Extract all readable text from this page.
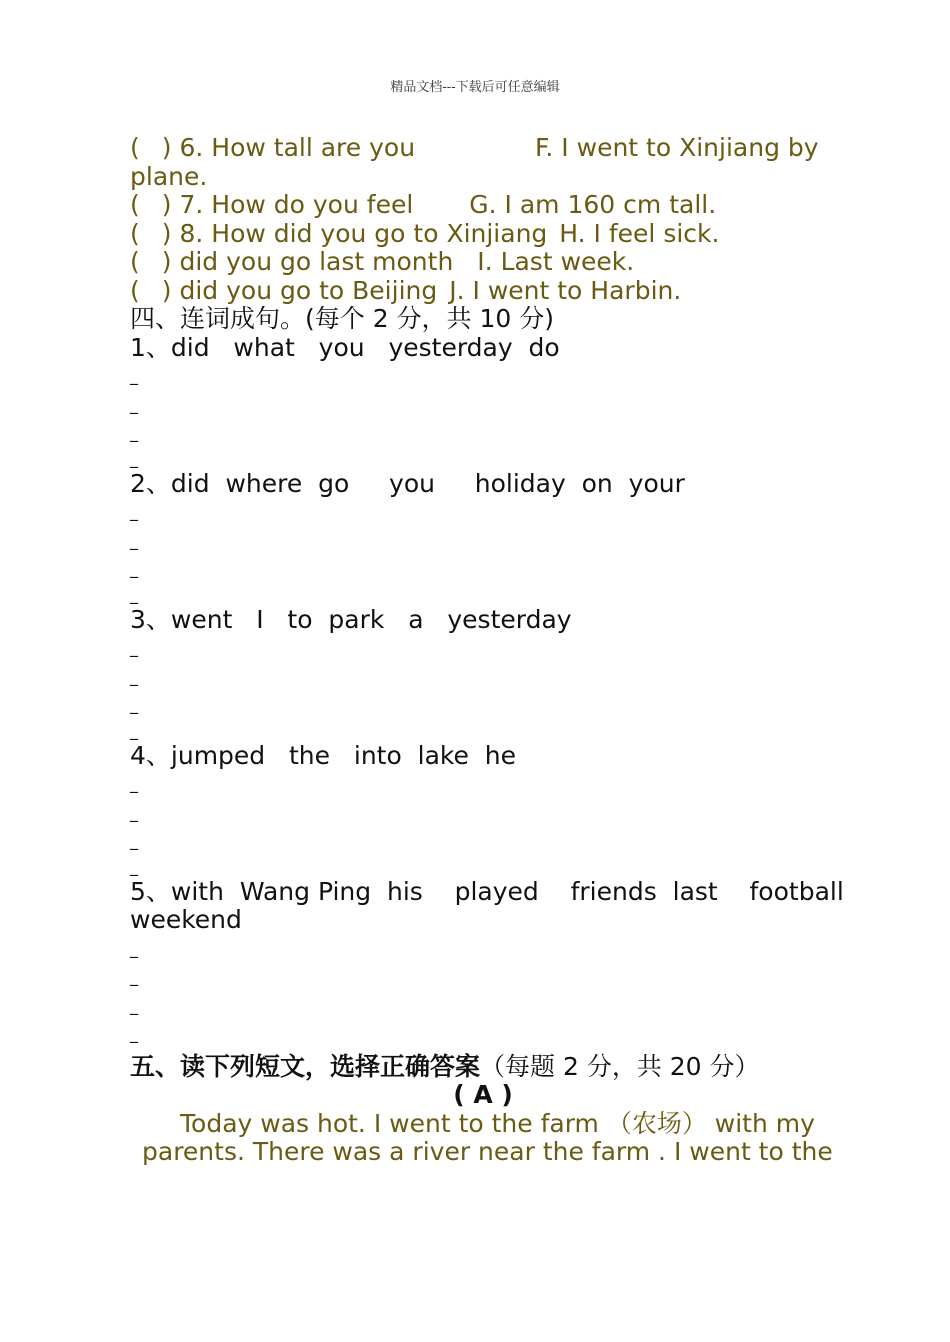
精品文档---下载后可任意编辑
( ) 6. How tall are you	F. I went to Xinjiang by
plane.
( ) 7. How do you feel G. I am 160 cm tall.
( ) 8. How did you go to Xinjiang H. I feel sick.
( ) did you go last month I. Last week.
( ) did you go to Beijing J. I went to Harbin.
四、连词成句。(每个 2 分，共 10 分)
1、did   what   you   yesterday  do
_
_
_
_
2、did  where  go     you     holiday  on  your
_
_
_
_
3、went   I   to  park   a   yesterday
_
_
_
_
4、jumped   the   into  lake  he
_
_
_
_
5、with  Wang Ping  his    played    friends  last    football
weekend
_
_
_
_
五、读下列短文，选择正确答案（每题 2 分，共 20 分）
( A )
Today was hot. I went to the farm （农场） with my
parents. There was a river near the farm . I went to the
